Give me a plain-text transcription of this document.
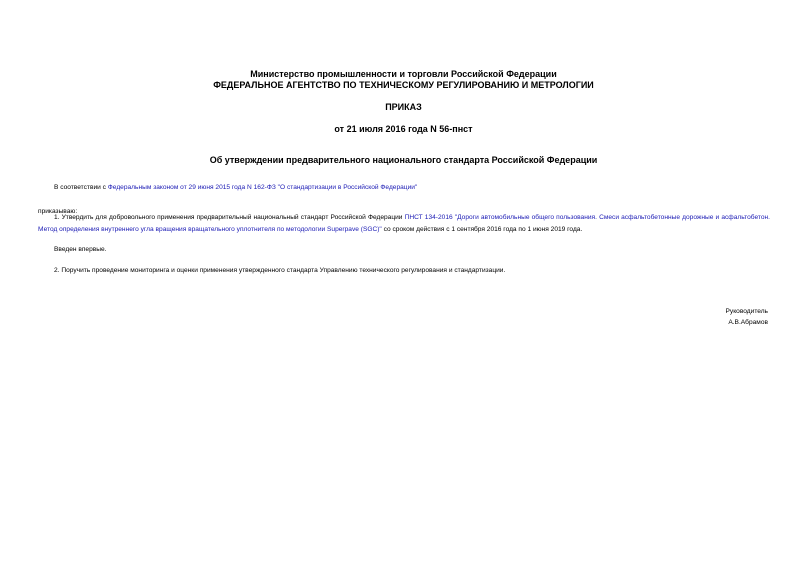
Министерство промышленности и торговли Российской Федерации
ФЕДЕРАЛЬНОЕ АГЕНТСТВО ПО ТЕХНИЧЕСКОМУ РЕГУЛИРОВАНИЮ И МЕТРОЛОГИИ
ПРИКАЗ
от 21 июля 2016 года N 56-пнст
Об утверждении предварительного национального стандарта Российской Федерации
В соответствии с Федеральным законом от 29 июня 2015 года N 162-ФЗ "О стандартизации в Российской Федерации"
приказываю:
1. Утвердить для добровольного применения предварительный национальный стандарт Российской Федерации ПНСТ 134-2016 "Дороги автомобильные общего пользования. Смеси асфальтобетонные дорожные и асфальтобетон. Метод определения внутреннего угла вращения вращательного уплотнителя по методологии Superpave (SGC)" со сроком действия с 1 сентября 2016 года по 1 июня 2019 года.
Введен впервые.
2. Поручить проведение мониторинга и оценки применения утвержденного стандарта Управлению технического регулирования и стандартизации.
Руководитель
А.В.Абрамов
